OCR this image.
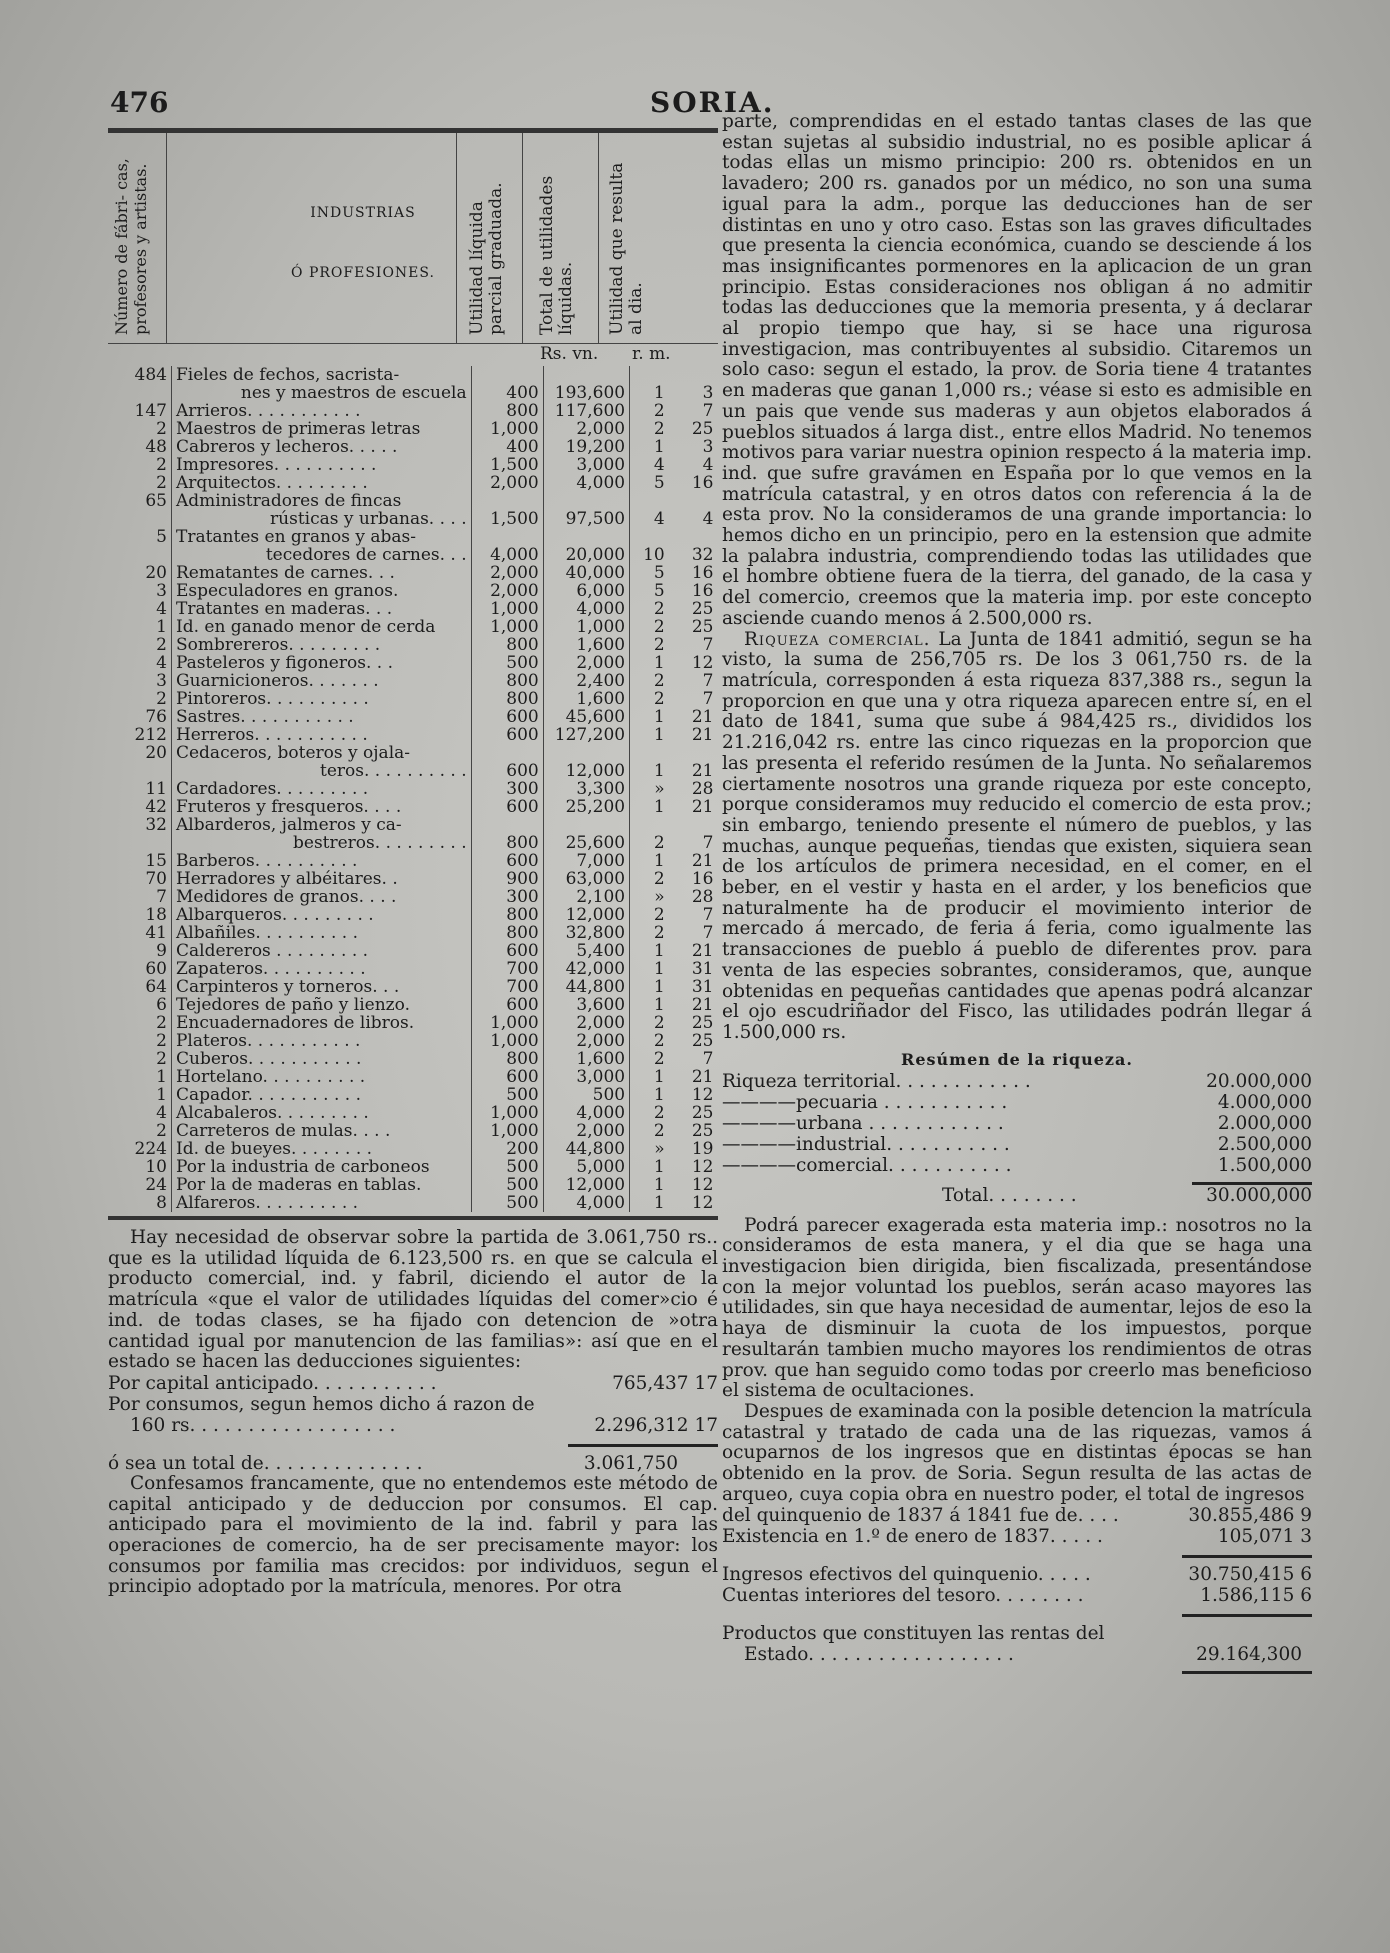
476	SORIA.
Número de fábri- cas, profesores y artistas.	INDUSTRIAS
Ó PROFESIONES.	Utilidad líquida parcial graduada. Total de utilidades líquidas. Utilidad que resulta al dia.
Rs. vn. r. m.
484	Fieles de fechos, sacrista-				
	nes y maestros de escuela	400	193,600	1	3
147	Arrieros. . . . . . . . . . .	800	117,600	2	7
2	Maestros de primeras letras	1,000	2,000	2	25
48	Cabreros y lecheros. . . . .	400	19,200	1	3
2	Impresores. . . . . . . . . .	1,500	3,000	4	4
2	Arquitectos. . . . . . . . .	2,000	4,000	5	16
65	Administradores de fincas				
	rústicas y urbanas. . . .	1,500	97,500	4	4
5	Tratantes en granos y abas-				
	tecedores de carnes. . .	4,000	20,000	10	32
20	Rematantes de carnes. . .	2,000	40,000	5	16
3	Especuladores en granos.	2,000	6,000	5	16
4	Tratantes en maderas. . .	1,000	4,000	2	25
1	Id. en ganado menor de cerda	1,000	1,000	2	25
2	Sombrereros. . . . . . . . .	800	1,600	2	7
4	Pasteleros y figoneros. . .	500	2,000	1	12
3	Guarnicioneros. . . . . . .	800	2,400	2	7
2	Pintoreros. . . . . . . . . .	800	1,600	2	7
76	Sastres. . . . . . . . . . .	600	45,600	1	21
212	Herreros. . . . . . . . . . .	600	127,200	1	21
20	Cedaceros, boteros y ojala-				
	teros. . . . . . . . . .	600	12,000	1	21
11	Cardadores. . . . . . . . .	300	3,300	»	28
42	Fruteros y fresqueros. . . .	600	25,200	1	21
32	Albarderos, jalmeros y ca-				
	bestreros. . . . . . . . .	800	25,600	2	7
15	Barberos. . . . . . . . . .	600	7,000	1	21
70	Herradores y albéitares. .	900	63,000	2	16
7	Medidores de granos. . . .	300	2,100	»	28
18	Albarqueros. . . . . . . . .	800	12,000	2	7
41	Albañiles. . . . . . . . . .	800	32,800	2	7
9	Caldereros . . . . . . . . .	600	5,400	1	21
60	Zapateros. . . . . . . . . .	700	42,000	1	31
64	Carpinteros y torneros. . .	700	44,800	1	31
6	Tejedores de paño y lienzo.	600	3,600	1	21
2	Encuadernadores de libros.	1,000	2,000	2	25
2	Plateros. . . . . . . . . . .	1,000	2,000	2	25
2	Cuberos. . . . . . . . . . .	800	1,600	2	7
1	Hortelano. . . . . . . . . .	600	3,000	1	21
1	Capador. . . . . . . . . . .	500	500	1	12
4	Alcabaleros. . . . . . . . .	1,000	4,000	2	25
2	Carreteros de mulas. . . .	1,000	2,000	2	25
224	Id. de bueyes. . . . . . . .	200	44,800	»	19
10	Por la industria de carboneos	500	5,000	1	12
24	Por la de maderas en tablas.	500	12,000	1	12
8	Alfareros. . . . . . . . . .	500	4,000	1	12

Hay necesidad de observar sobre la partida de 3.061,750 rs.. que es la utilidad líquida de 6.123,500 rs. en que se calcula el producto comercial, ind. y fabril, diciendo el autor de la matrícula «que el valor de utilidades líquidas del comer»cio é ind. de todas clases, se ha fijado con detencion de »otra cantidad igual por manutencion de las familias»: así que en el estado se hacen las deducciones siguientes:

Por capital anticipado. . . . . . . . . . .	765,437 17
Por consumos, segun hemos dicho á razon de
160 rs. . . . . . . . . . . . . . . . . .	2.296,312 17
ó sea un total de. . . . . . . . . . . . . .	3.061,750

Confesamos francamente, que no entendemos este método de capital anticipado y de deduccion por consumos. El cap. anticipado para el movimiento de la ind. fabril y para las operaciones de comercio, ha de ser precisamente mayor: los consumos por familia mas crecidos: por individuos, segun el principio adoptado por la matrícula, menores. Por otra

parte, comprendidas en el estado tantas clases de las que estan sujetas al subsidio industrial, no es posible aplicar á todas ellas un mismo principio: 200 rs. obtenidos en un lavadero; 200 rs. ganados por un médico, no son una suma igual para la adm., porque las deducciones han de ser distintas en uno y otro caso. Estas son las graves dificultades que presenta la ciencia económica, cuando se desciende á los mas insignificantes pormenores en la aplicacion de un gran principio. Estas consideraciones nos obligan á no admitir todas las deducciones que la memoria presenta, y á declarar al propio tiempo que hay, si se hace una rigurosa investigacion, mas contribuyentes al subsidio. Citaremos un solo caso: segun el estado, la prov. de Soria tiene 4 tratantes en maderas que ganan 1,000 rs.; véase si esto es admisible en un pais que vende sus maderas y aun objetos elaborados á pueblos situados á larga dist., entre ellos Madrid. No tenemos motivos para variar nuestra opinion respecto á la materia imp. ind. que sufre gravámen en España por lo que vemos en la matrícula catastral, y en otros datos con referencia á la de esta prov. No la consideramos de una grande importancia: lo hemos dicho en un principio, pero en la estension que admite la palabra industria, comprendiendo todas las utilidades que el hombre obtiene fuera de la tierra, del ganado, de la casa y del comercio, creemos que la materia imp. por este concepto asciende cuando menos á 2.500,000 rs.

Riqueza comercial. La Junta de 1841 admitió, segun se ha visto, la suma de 256,705 rs. De los 3 061,750 rs. de la matrícula, corresponden á esta riqueza 837,388 rs., segun la proporcion en que una y otra riqueza aparecen entre sí, en el dato de 1841, suma que sube á 984,425 rs., divididos los 21.216,042 rs. entre las cinco riquezas en la proporcion que las presenta el referido resúmen de la Junta. No señalaremos ciertamente nosotros una grande riqueza por este concepto, porque consideramos muy reducido el comercio de esta prov.; sin embargo, teniendo presente el número de pueblos, y las muchas, aunque pequeñas, tiendas que existen, siquiera sean de los artículos de primera necesidad, en el comer, en el beber, en el vestir y hasta en el arder, y los beneficios que naturalmente ha de producir el movimiento interior de mercado á mercado, de feria á feria, como igualmente las transacciones de pueblo á pueblo de diferentes prov. para venta de las especies sobrantes, consideramos, que, aunque obtenidas en pequeñas cantidades que apenas podrá alcanzar el ojo escudriñador del Fisco, las utilidades podrán llegar á 1.500,000 rs.

Resúmen de la riqueza.
Riqueza territorial. . . . . . . . . . . .	20.000,000
————pecuaria . . . . . . . . . . .	4.000,000
————urbana . . . . . . . . . . . .	2.000,000
————industrial. . . . . . . . . . .	2.500,000
————comercial. . . . . . . . . . .	1.500,000
Total. . . . . . . .	30.000,000

Podrá parecer exagerada esta materia imp.: nosotros no la consideramos de esta manera, y el dia que se haga una investigacion bien dirigida, bien fiscalizada, presentándose con la mejor voluntad los pueblos, serán acaso mayores las utilidades, sin que haya necesidad de aumentar, lejos de eso la haya de disminuir la cuota de los impuestos, porque resultarán tambien mucho mayores los rendimientos de otras prov. que han seguido como todas por creerlo mas beneficioso el sistema de ocultaciones.

Despues de examinada con la posible detencion la matrícula catastral y tratado de cada una de las riquezas, vamos á ocuparnos de los ingresos que en distintas épocas se han obtenido en la prov. de Soria. Segun resulta de las actas de arqueo, cuya copia obra en nuestro poder, el total de ingresos

del quinquenio de 1837 á 1841 fue de. . . .	30.855,486 9
Existencia en 1.º de enero de 1837. . . . .	105,071 3
Ingresos efectivos del quinquenio. . . . .	30.750,415 6
Cuentas interiores del tesoro. . . . . . . .	1.586,115 6
Productos que constituyen las rentas del
Estado. . . . . . . . . . . . . . . . . .	29.164,300
